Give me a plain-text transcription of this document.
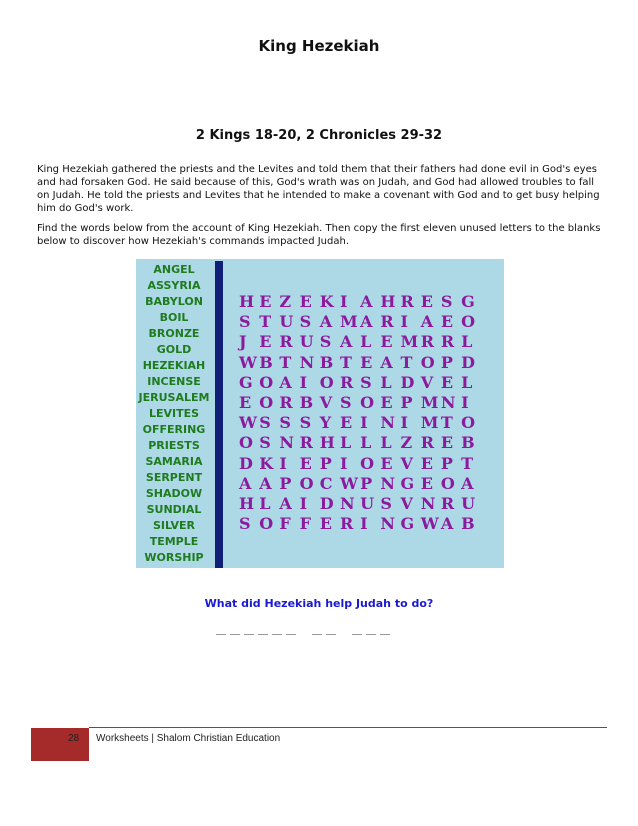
King Hezekiah
2 Kings 18-20, 2 Chronicles 29-32
King Hezekiah gathered the priests and the Levites and told them that their fathers had done evil in God's eyes and had forsaken God. He said because of this, God's wrath was on Judah, and God had allowed troubles to fall on Judah. He told the priests and Levites that he intended to make a covenant with God and to get busy helping him do God's work.
Find the words below from the account of King Hezekiah. Then copy the first eleven unused letters to the blanks below to discover how Hezekiah's commands impacted Judah.
ANGEL
ASSYRIA
BABYLON
BOIL
BRONZE
GOLD
HEZEKIAH
INCENSE
JERUSALEM
LEVITES
OFFERING
PRIESTS
SAMARIA
SERPENT
SHADOW
SUNDIAL
SILVER
TEMPLE
WORSHIP
H E Z E K I A H R E S G
S T U S A M A R I A E O
J E R U S A L E M R R L
W B T N B T E A T O P D
G O A I O R S L D V E L
E O R B V S O E P M N I
W S S S Y E I N I M T O
O S N R H L L L Z R E B
D K I E P I O E V E P T
A A P O C W P N G E O A
H L A I D N U S V N R U
S O F F E R I N G W A B
What did Hezekiah help Judah to do?
28 Worksheets | Shalom Christian Education
